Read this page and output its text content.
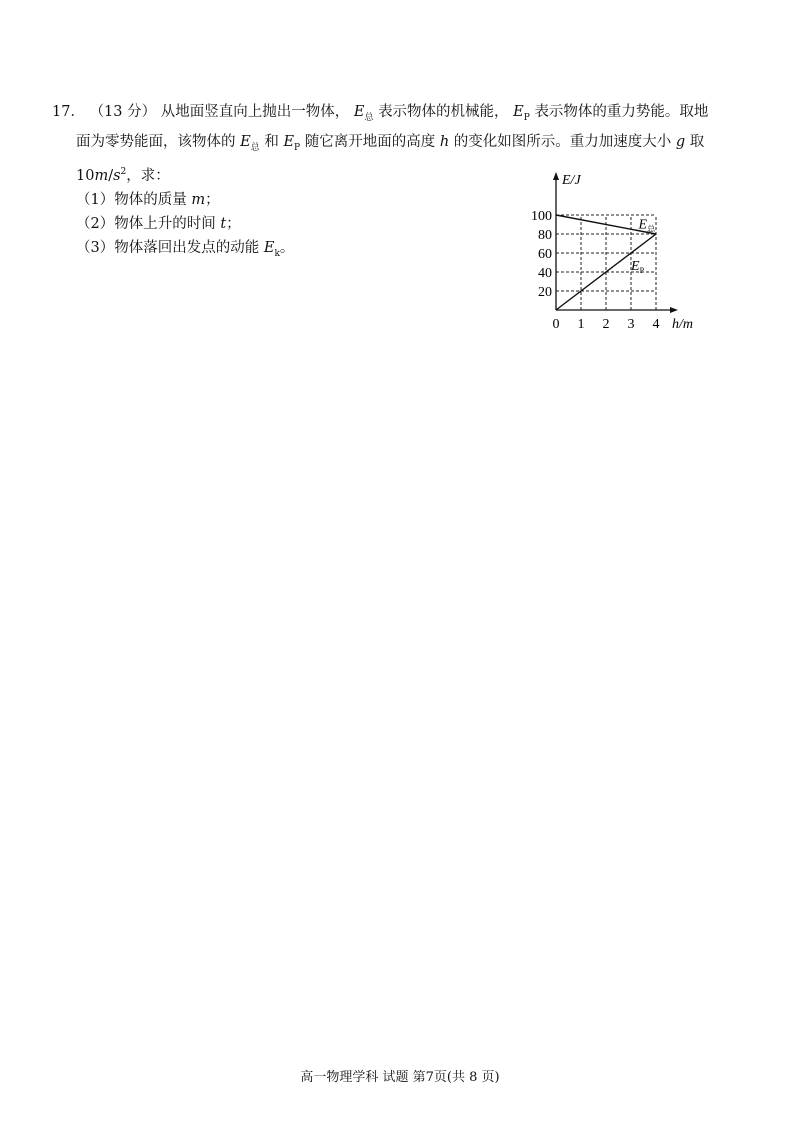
17． （13 分） 从地面竖直向上抛出一物体， $E_总$ 表示物体的机械能， $E_P$ 表示物体的重力势能。取地
面为零势能面，该物体的 $E_总$ 和 $E_P$ 随它离开地面的高度 h 的变化如图所示。重力加速度大小 g 取
$10m/s^2$，求：
（1）物体的质量 m；
（2）物体上升的时间 t；
（3）物体落回出发点的动能 $E_k$。
E/J
h/m
0 1 2 3 4
20
40
60
80
100
$E_总$
$E_P$
高一物理学科 试题 第7页(共 8 页)
